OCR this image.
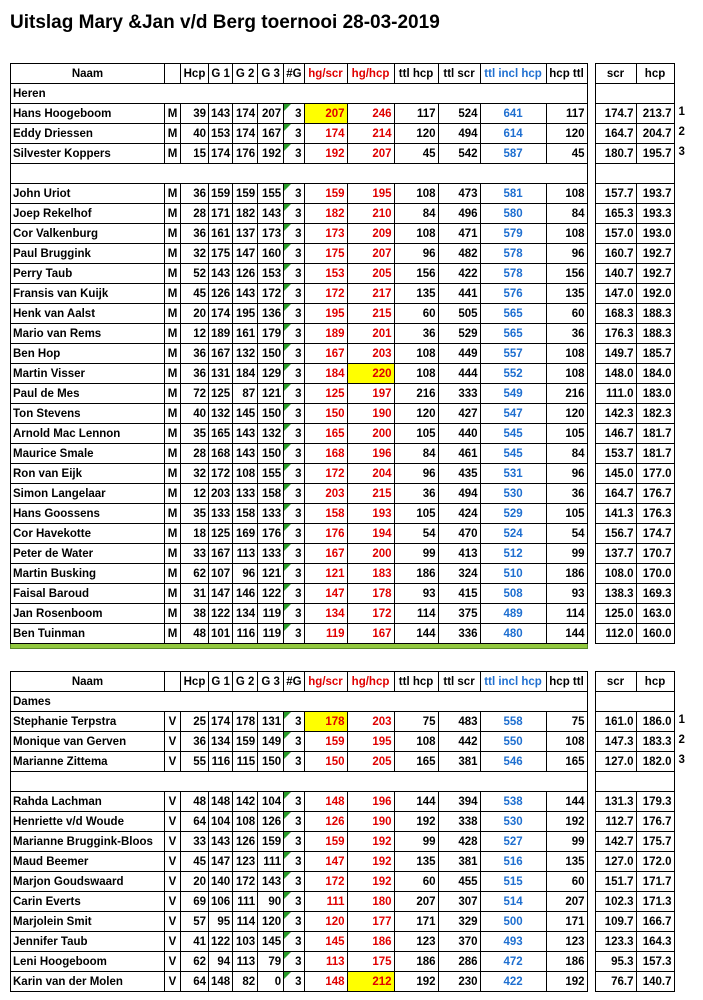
Uitslag Mary &Jan v/d Berg toernooi 28-03-2019
Naam		Hcp	G 1	G 2	G 3	#G	hg/scr	hg/hcp	ttl hcp	ttl scr	ttl incl hcp	hcp ttl		scr	hcp
Heren															
Hans Hoogeboom	M	39	143	174	207	3	207	246	117	524	641	117		174.7	213.7
Eddy Driessen	M	40	153	174	167	3	174	214	120	494	614	120		164.7	204.7
Silvester Koppers	M	15	174	176	192	3	192	207	45	542	587	45		180.7	195.7

John Uriot	M	36	159	159	155	3	159	195	108	473	581	108		157.7	193.7
Joep Rekelhof	M	28	171	182	143	3	182	210	84	496	580	84		165.3	193.3
Cor Valkenburg	M	36	161	137	173	3	173	209	108	471	579	108		157.0	193.0
Paul Bruggink	M	32	175	147	160	3	175	207	96	482	578	96		160.7	192.7
Perry Taub	M	52	143	126	153	3	153	205	156	422	578	156		140.7	192.7
Fransis van Kuijk	M	45	126	143	172	3	172	217	135	441	576	135		147.0	192.0
Henk van Aalst	M	20	174	195	136	3	195	215	60	505	565	60		168.3	188.3
Mario van Rems	M	12	189	161	179	3	189	201	36	529	565	36		176.3	188.3
Ben Hop	M	36	167	132	150	3	167	203	108	449	557	108		149.7	185.7
Martin Visser	M	36	131	184	129	3	184	220	108	444	552	108		148.0	184.0
Paul de Mes	M	72	125	87	121	3	125	197	216	333	549	216		111.0	183.0
Ton Stevens	M	40	132	145	150	3	150	190	120	427	547	120		142.3	182.3
Arnold Mac Lennon	M	35	165	143	132	3	165	200	105	440	545	105		146.7	181.7
Maurice Smale	M	28	168	143	150	3	168	196	84	461	545	84		153.7	181.7
Ron van Eijk	M	32	172	108	155	3	172	204	96	435	531	96		145.0	177.0
Simon Langelaar	M	12	203	133	158	3	203	215	36	494	530	36		164.7	176.7
Hans Goossens	M	35	133	158	133	3	158	193	105	424	529	105		141.3	176.3
Cor Havekotte	M	18	125	169	176	3	176	194	54	470	524	54		156.7	174.7
Peter de Water	M	33	167	113	133	3	167	200	99	413	512	99		137.7	170.7
Martin Busking	M	62	107	96	121	3	121	183	186	324	510	186		108.0	170.0
Faisal Baroud	M	31	147	146	122	3	147	178	93	415	508	93		138.3	169.3
Jan Rosenboom	M	38	122	134	119	3	134	172	114	375	489	114		125.0	163.0
Ben Tuinman	M	48	101	116	119	3	119	167	144	336	480	144		112.0	160.0

Naam		Hcp	G 1	G 2	G 3	#G	hg/scr	hg/hcp	ttl hcp	ttl scr	ttl incl hcp	hcp ttl		scr	hcp
Dames															
Stephanie Terpstra	V	25	174	178	131	3	178	203	75	483	558	75		161.0	186.0
Monique van Gerven	V	36	134	159	149	3	159	195	108	442	550	108		147.3	183.3
Marianne Zittema	V	55	116	115	150	3	150	205	165	381	546	165		127.0	182.0

Rahda Lachman	V	48	148	142	104	3	148	196	144	394	538	144		131.3	179.3
Henriette v/d Woude	V	64	104	108	126	3	126	190	192	338	530	192		112.7	176.7
Marianne Bruggink-Bloos	V	33	143	126	159	3	159	192	99	428	527	99		142.7	175.7
Maud Beemer	V	45	147	123	111	3	147	192	135	381	516	135		127.0	172.0
Marjon Goudswaard	V	20	140	172	143	3	172	192	60	455	515	60		151.7	171.7
Carin Everts	V	69	106	111	90	3	111	180	207	307	514	207		102.3	171.3
Marjolein Smit	V	57	95	114	120	3	120	177	171	329	500	171		109.7	166.7
Jennifer Taub	V	41	122	103	145	3	145	186	123	370	493	123		123.3	164.3
Leni Hoogeboom	V	62	94	113	79	3	113	175	186	286	472	186		95.3	157.3
Karin van der Molen	V	64	148	82	0	3	148	212	192	230	422	192		76.7	140.7
1
2
3
1
2
3
